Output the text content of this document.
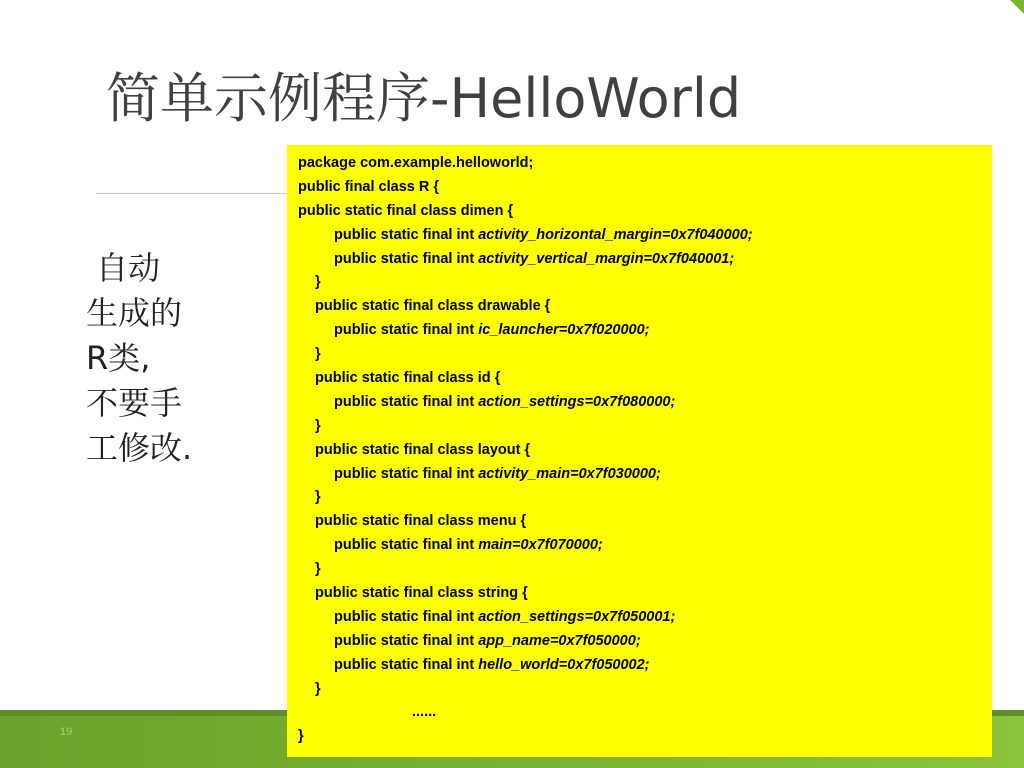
简单示例程序-HelloWorld
自动
生成的
R类,
不要手
工修改.
19
package com.example.helloworld;
public final class R {
public static final class dimen {
public static final int activity_horizontal_margin=0x7f040000;
public static final int activity_vertical_margin=0x7f040001;
}
public static final class drawable {
public static final int ic_launcher=0x7f020000;
}
public static final class id {
public static final int action_settings=0x7f080000;
}
public static final class layout {
public static final int activity_main=0x7f030000;
}
public static final class menu {
public static final int main=0x7f070000;
}
public static final class string {
public static final int action_settings=0x7f050001;
public static final int app_name=0x7f050000;
public static final int hello_world=0x7f050002;
}
......
}
